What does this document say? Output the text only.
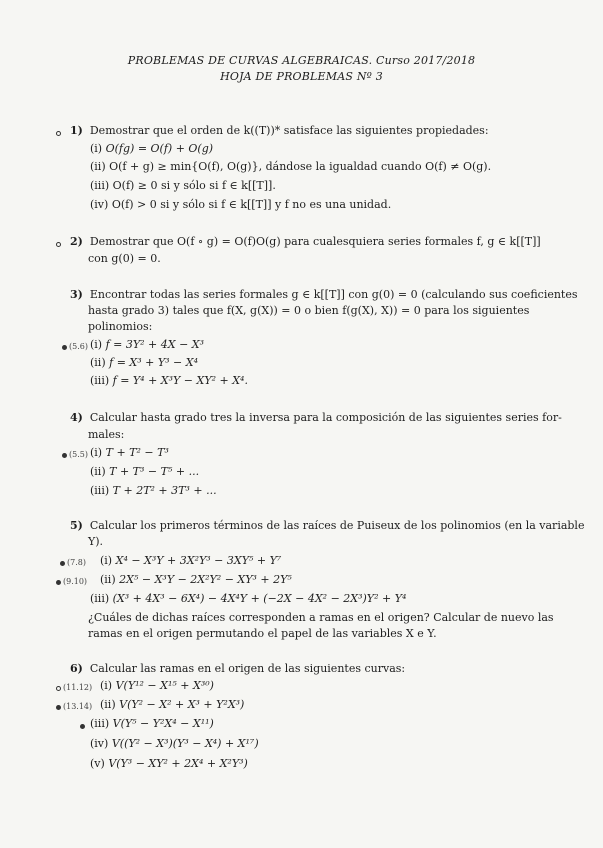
PROBLEMAS DE CURVAS ALGEBRAICAS. Curso 2017/2018
HOJA DE PROBLEMAS Nº 3
1) Demostrar que el orden de k((T))* satisface las siguientes propiedades:
(i) O(fg) = O(f) + O(g)
(ii) O(f + g) ≥ min{O(f), O(g)}, dándose la igualdad cuando O(f) ≠ O(g).
(iii) O(f) ≥ 0 si y sólo si f ∈ k[[T]].
(iv) O(f) > 0 si y sólo si f ∈ k[[T]] y f no es una unidad.
2) Demostrar que O(f ∘ g) = O(f)O(g) para cualesquiera series formales f, g ∈ k[[T]]
con g(0) = 0.
3) Encontrar todas las series formales g ∈ k[[T]] con g(0) = 0 (calculando sus coeficientes
hasta grado 3) tales que f(X, g(X)) = 0 o bien f(g(X), X)) = 0 para los siguientes
polinomios:
(5.6) (i) f = 3Y² + 4X − X³
(ii) f = X³ + Y³ − X⁴
(iii) f = Y⁴ + X³Y − XY² + X⁴.
4) Calcular hasta grado tres la inversa para la composición de las siguientes series for-
males:
(5.5) (i) T + T² − T³
(ii) T + T³ − T⁵ + ...
(iii) T + 2T² + 3T³ + ...
5) Calcular los primeros términos de las raíces de Puiseux de los polinomios (en la variable
Y).
(7.8) (i) X⁴ − X³Y + 3X²Y³ − 3XY⁵ + Y⁷
(9.10) (ii) 2X⁵ − X³Y − 2X²Y² − XY³ + 2Y⁵
(iii) (X³ + 4X³ − 6X⁴) − 4X⁴Y + (−2X − 4X² − 2X³)Y² + Y⁴
¿Cuáles de dichas raíces corresponden a ramas en el origen? Calcular de nuevo las
ramas en el origen permutando el papel de las variables X e Y.
6) Calcular las ramas en el origen de las siguientes curvas:
(11.12) (i) V(Y¹² − X¹⁵ + X³⁰)
(13.14) (ii) V(Y² − X² + X³ + Y²X³)
(iii) V(Y⁵ − Y²X⁴ − X¹¹)
(iv) V((Y² − X³)(Y³ − X⁴) + X¹⁷)
(v) V(Y³ − XY² + 2X⁴ + X²Y³)
